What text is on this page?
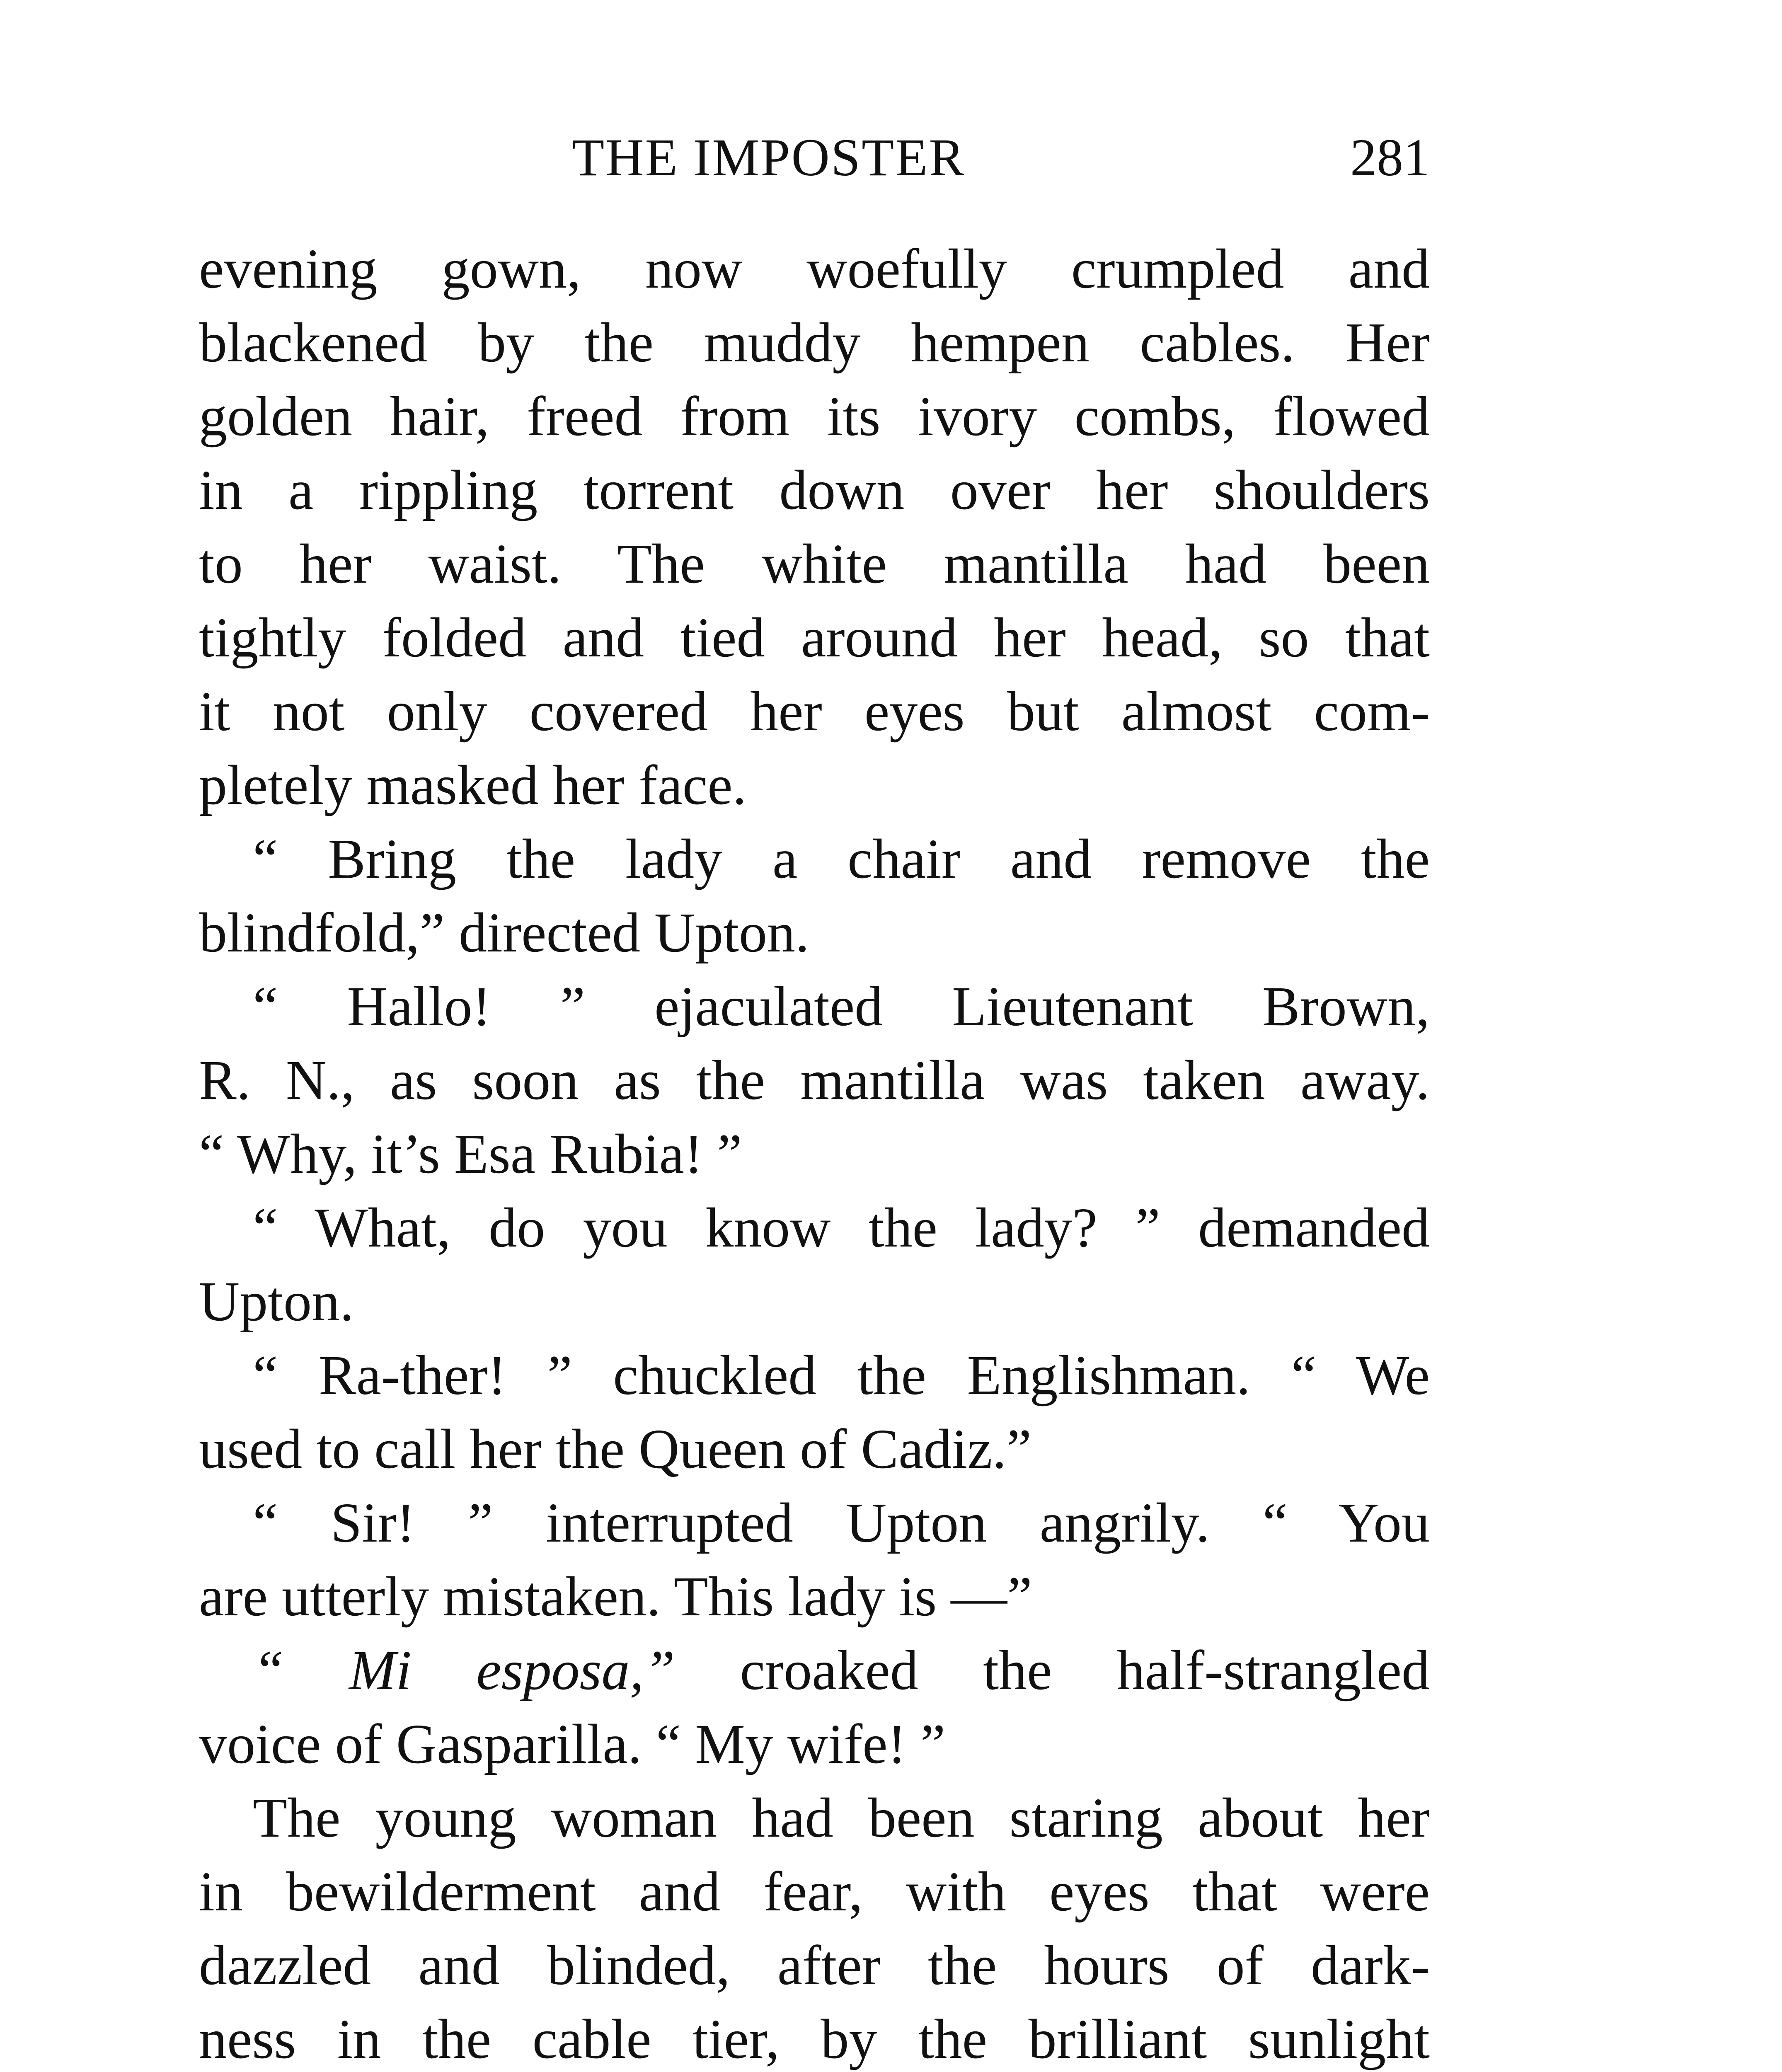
THE IMPOSTER	281
evening gown, now woefully crumpled and
blackened by the muddy hempen cables. Her
golden hair, freed from its ivory combs, flowed
in a rippling torrent down over her shoulders
to her waist. The white mantilla had been
tightly folded and tied around her head, so that
it not only covered her eyes but almost com-
pletely masked her face.
“ Bring the lady a chair and remove the
blindfold,” directed Upton.
“ Hallo! ” ejaculated Lieutenant Brown,
R. N., as soon as the mantilla was taken away.
“ Why, it’s Esa Rubia! ”
“ What, do you know the lady? ” demanded
Upton.
“ Ra-ther! ” chuckled the Englishman. “ We
used to call her the Queen of Cadiz.”
“ Sir! ” interrupted Upton angrily. “ You
are utterly mistaken. This lady is —”
“ Mi esposa,” croaked the half-strangled
voice of Gasparilla. “ My wife! ”
The young woman had been staring about her
in bewilderment and fear, with eyes that were
dazzled and blinded, after the hours of dark-
ness in the cable tier, by the brilliant sunlight
